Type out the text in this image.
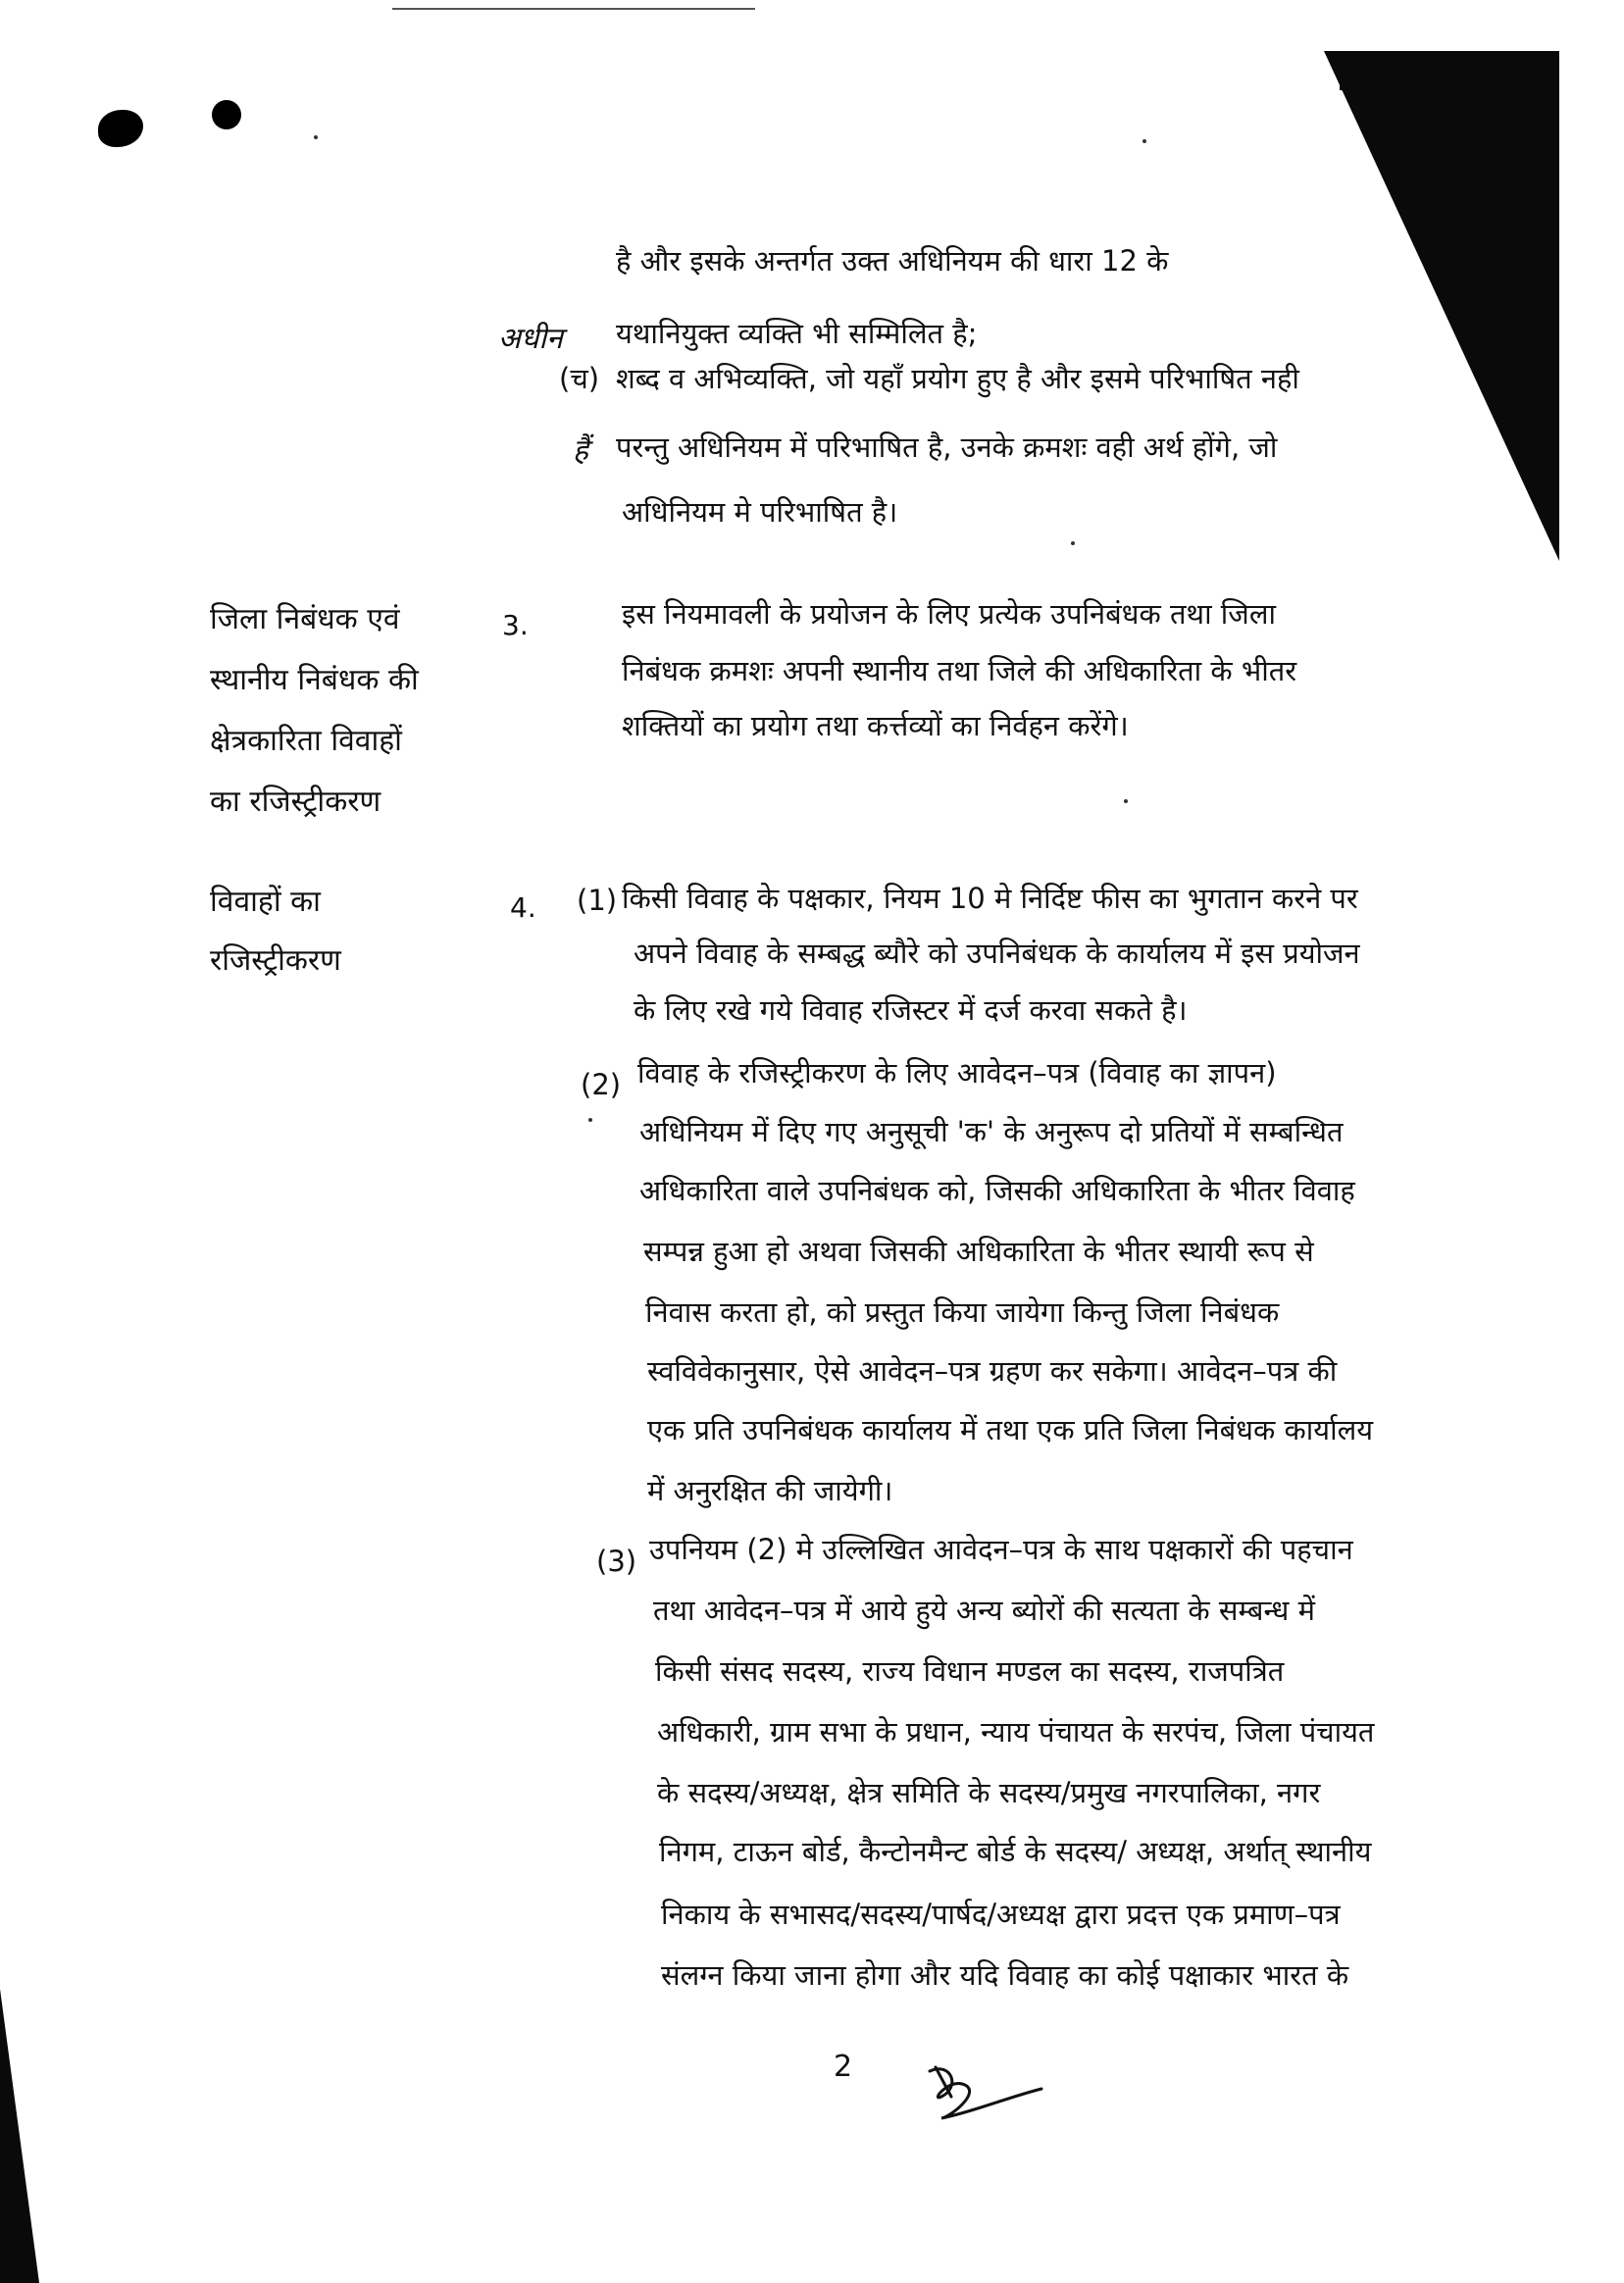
है और इसके अन्तर्गत उक्त अधिनियम की धारा 12 के
अधीन यथानियुक्त व्यक्ति भी सम्मिलित है;
(च) शब्द व अभिव्यक्ति, जो यहाँ प्रयोग हुए है और इसमे परिभाषित नही
हैं परन्तु अधिनियम में परिभाषित है, उनके क्रमशः वही अर्थ होंगे, जो
अधिनियम मे परिभाषित है।
जिला निबंधक एवं
स्थानीय निबंधक की
क्षेत्रकारिता विवाहों
का रजिस्ट्रीकरण
3.	इस नियमावली के प्रयोजन के लिए प्रत्येक उपनिबंधक तथा जिला
निबंधक क्रमशः अपनी स्थानीय तथा जिले की अधिकारिता के भीतर
शक्तियों का प्रयोग तथा कर्त्तव्यों का निर्वहन करेंगे।
विवाहों का
रजिस्ट्रीकरण
4. (1) किसी विवाह के पक्षकार, नियम 10 मे निर्दिष्ट फीस का भुगतान करने पर
अपने विवाह के सम्बद्ध ब्यौरे को उपनिबंधक के कार्यालय में इस प्रयोजन
के लिए रखे गये विवाह रजिस्टर में दर्ज करवा सकते है।
(2) विवाह के रजिस्ट्रीकरण के लिए आवेदन–पत्र (विवाह का ज्ञापन)
अधिनियम में दिए गए अनुसूची 'क' के अनुरूप दो प्रतियों में सम्बन्धित
अधिकारिता वाले उपनिबंधक को, जिसकी अधिकारिता के भीतर विवाह
सम्पन्न हुआ हो अथवा जिसकी अधिकारिता के भीतर स्थायी रूप से
निवास करता हो, को प्रस्तुत किया जायेगा किन्तु जिला निबंधक
स्वविवेकानुसार, ऐसे आवेदन–पत्र ग्रहण कर सकेगा। आवेदन–पत्र की
एक प्रति उपनिबंधक कार्यालय में तथा एक प्रति जिला निबंधक कार्यालय
में अनुरक्षित की जायेगी।
(3) उपनियम (2) मे उल्लिखित आवेदन–पत्र के साथ पक्षकारों की पहचान
तथा आवेदन–पत्र में आये हुये अन्य ब्योरों की सत्यता के सम्बन्ध में
किसी संसद सदस्य, राज्य विधान मण्डल का सदस्य, राजपत्रित
अधिकारी, ग्राम सभा के प्रधान, न्याय पंचायत के सरपंच, जिला पंचायत
के सदस्य/अध्यक्ष, क्षेत्र समिति के सदस्य/प्रमुख नगरपालिका, नगर
निगम, टाऊन बोर्ड, कैन्टोनमैन्ट बोर्ड के सदस्य/ अध्यक्ष, अर्थात् स्थानीय
निकाय के सभासद/सदस्य/पार्षद/अध्यक्ष द्वारा प्रदत्त एक प्रमाण–पत्र
संलग्न किया जाना होगा और यदि विवाह का कोई पक्षाकार भारत के
2
